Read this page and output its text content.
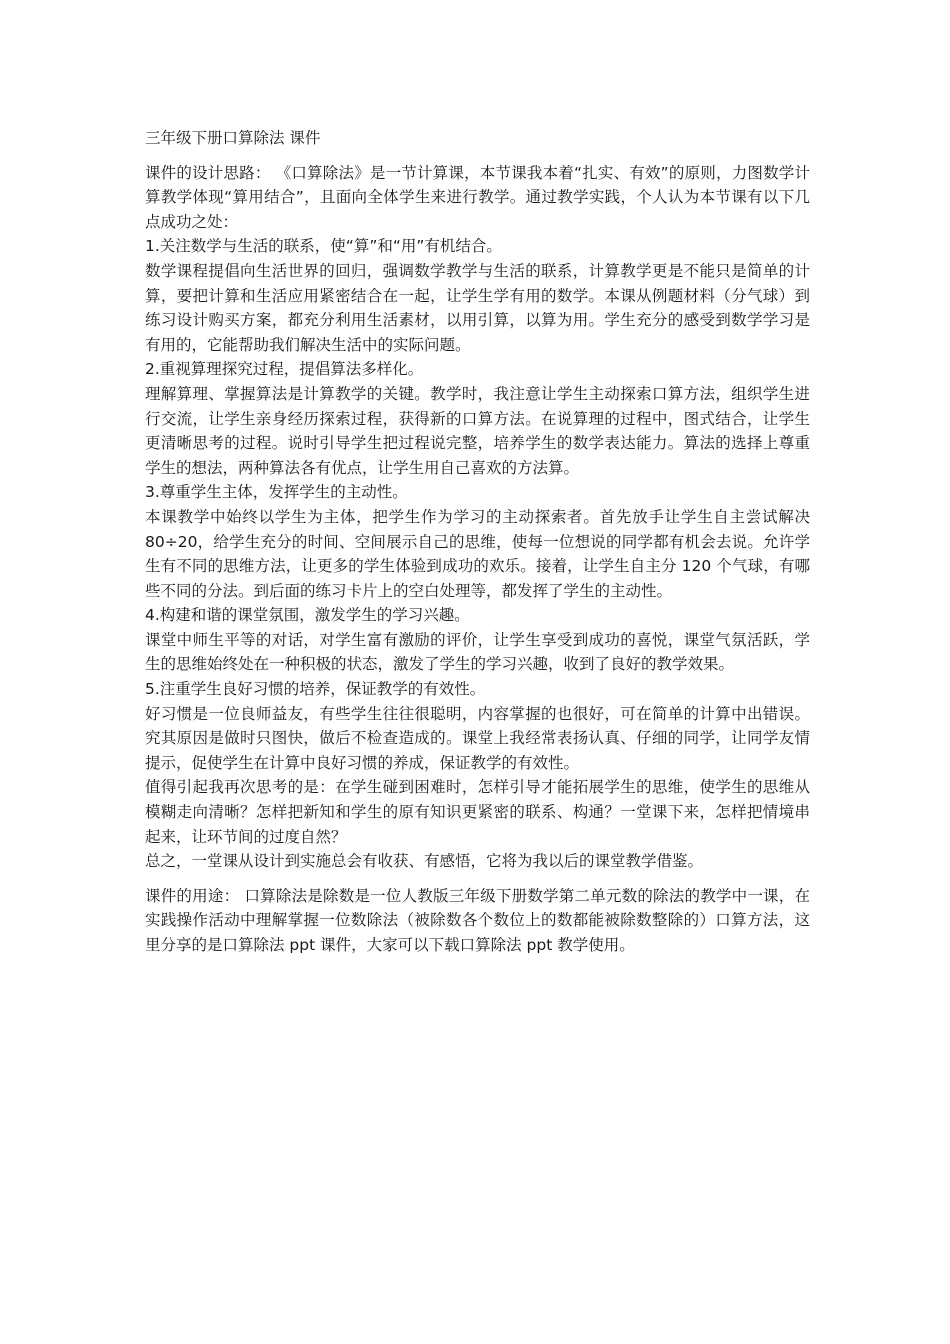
三年级下册口算除法 课件

课件的设计思路： 《口算除法》是一节计算课，本节课我本着“扎实、有效”的原则，力图数学计算教学体现“算用结合”，且面向全体学生来进行教学。通过教学实践，个人认为本节课有以下几点成功之处：

1.关注数学与生活的联系，使“算”和“用”有机结合。

数学课程提倡向生活世界的回归，强调数学教学与生活的联系，计算教学更是不能只是简单的计算，要把计算和生活应用紧密结合在一起，让学生学有用的数学。本课从例题材料（分气球）到练习设计购买方案，都充分利用生活素材，以用引算，以算为用。学生充分的感受到数学学习是有用的，它能帮助我们解决生活中的实际问题。

2.重视算理探究过程，提倡算法多样化。

理解算理、掌握算法是计算教学的关键。教学时，我注意让学生主动探索口算方法，组织学生进行交流，让学生亲身经历探索过程，获得新的口算方法。在说算理的过程中，图式结合，让学生更清晰思考的过程。说时引导学生把过程说完整，培养学生的数学表达能力。算法的选择上尊重学生的想法，两种算法各有优点，让学生用自己喜欢的方法算。

3.尊重学生主体，发挥学生的主动性。

本课教学中始终以学生为主体，把学生作为学习的主动探索者。首先放手让学生自主尝试解决 80÷20，给学生充分的时间、空间展示自己的思维，使每一位想说的同学都有机会去说。允许学生有不同的思维方法，让更多的学生体验到成功的欢乐。接着，让学生自主分 120 个气球，有哪些不同的分法。到后面的练习卡片上的空白处理等，都发挥了学生的主动性。

4.构建和谐的课堂氛围，激发学生的学习兴趣。

课堂中师生平等的对话，对学生富有激励的评价，让学生享受到成功的喜悦，课堂气氛活跃，学生的思维始终处在一种积极的状态，激发了学生的学习兴趣，收到了良好的教学效果。

5.注重学生良好习惯的培养，保证教学的有效性。

好习惯是一位良师益友，有些学生往往很聪明，内容掌握的也很好，可在简单的计算中出错误。究其原因是做时只图快，做后不检查造成的。课堂上我经常表扬认真、仔细的同学，让同学友情提示，促使学生在计算中良好习惯的养成，保证教学的有效性。

值得引起我再次思考的是：在学生碰到困难时，怎样引导才能拓展学生的思维，使学生的思维从模糊走向清晰？怎样把新知和学生的原有知识更紧密的联系、构通？一堂课下来，怎样把情境串起来，让环节间的过度自然？

总之，一堂课从设计到实施总会有收获、有感悟，它将为我以后的课堂教学借鉴。

课件的用途： 口算除法是除数是一位人教版三年级下册数学第二单元数的除法的教学中一课，在实践操作活动中理解掌握一位数除法（被除数各个数位上的数都能被除数整除的）口算方法，这里分享的是口算除法 ppt 课件，大家可以下载口算除法 ppt 教学使用。
